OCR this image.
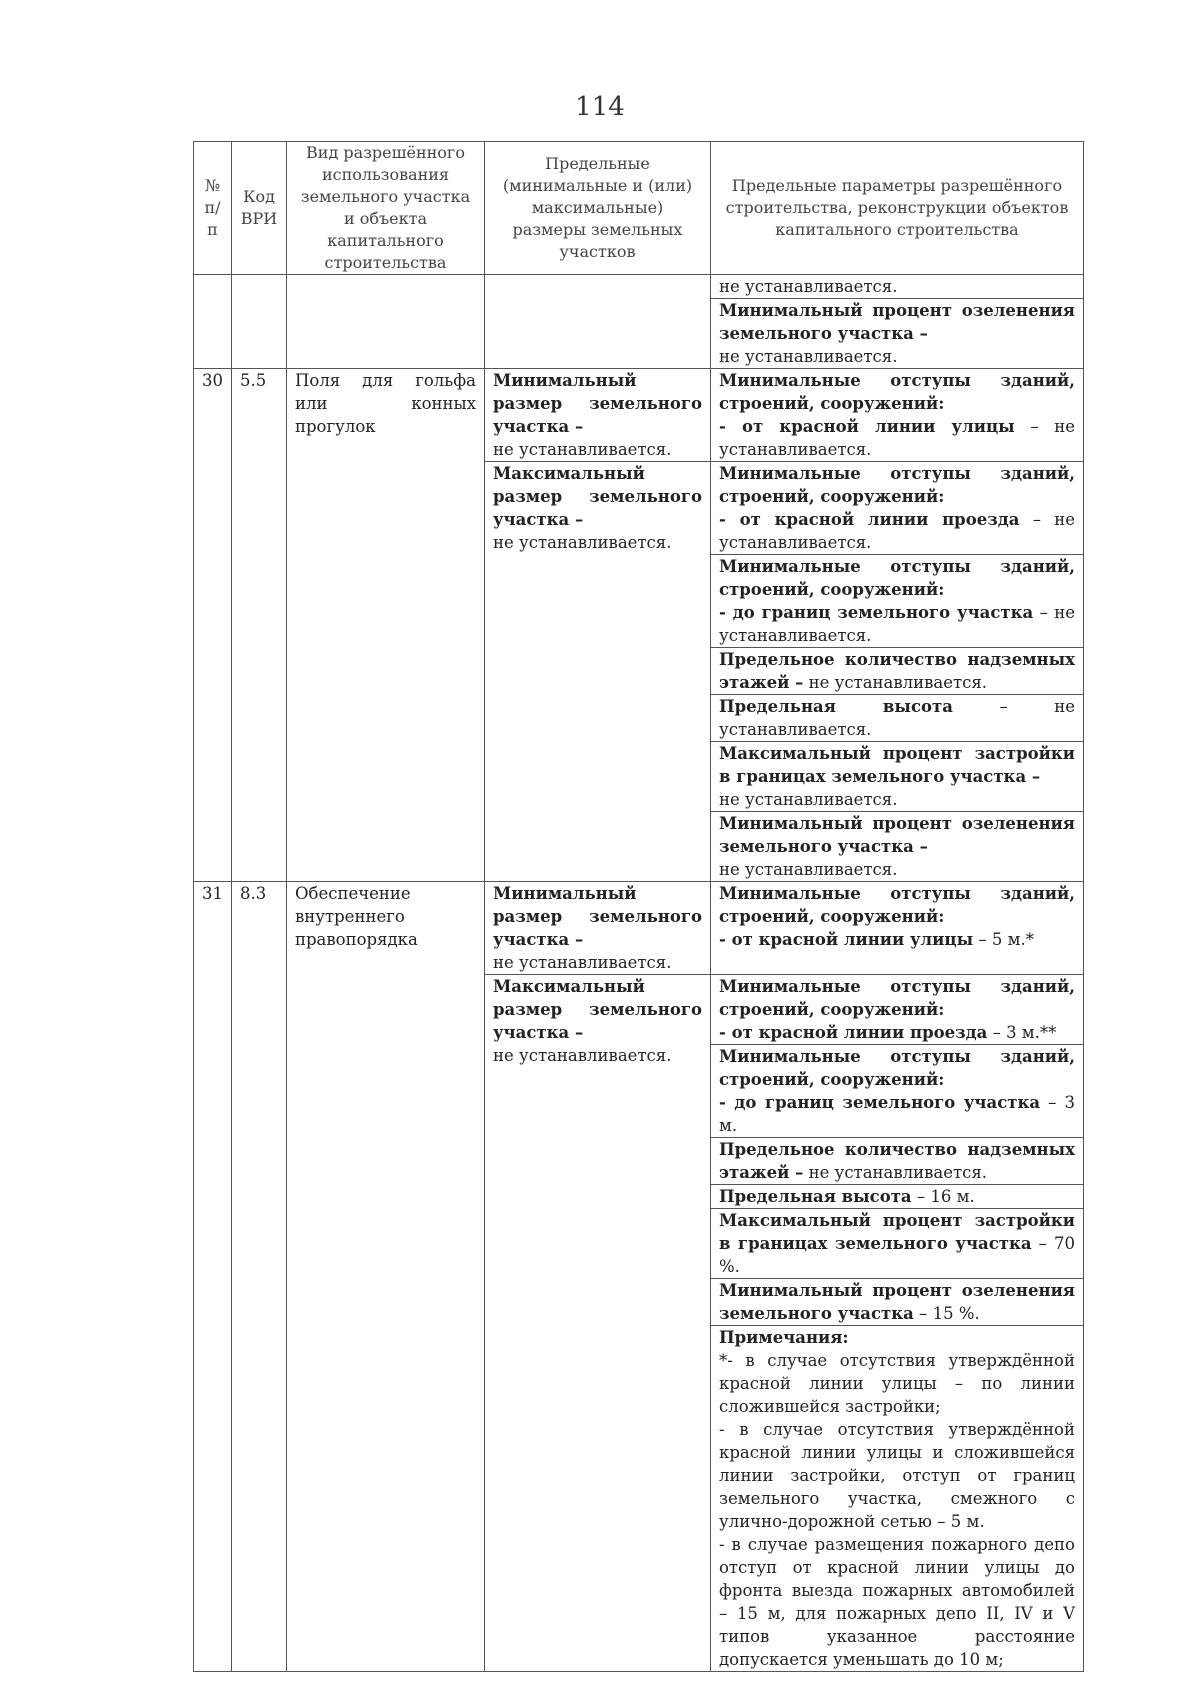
114
№ п/п	Код ВРИ	Вид разрешённого использования земельного участка и объекта капитального строительства	Предельные (минимальные и (или) максимальные) размеры земельных участков	Предельные параметры разрешённого строительства, реконструкции объектов капитального строительства
				не устанавливается.
				Минимальный процент озеленения земельного участка –
не устанавливается.
30	5.5	Поля для гольфа или конных прогулок	Минимальный размер земельного участка –
не устанавливается.	Минимальные отступы зданий, строений, сооружений:
- от красной линии улицы – не устанавливается.
			Максимальный размер земельного участка –
не устанавливается.	Минимальные отступы зданий, строений, сооружений:
- от красной линии проезда – не устанавливается.
				Минимальные отступы зданий, строений, сооружений:
- до границ земельного участка – не устанавливается.
				Предельное количество надземных этажей – не устанавливается.
				Предельная высота – не устанавливается.
				Максимальный процент застройки в границах земельного участка –
не устанавливается.
				Минимальный процент озеленения земельного участка –
не устанавливается.
31	8.3	Обеспечение внутреннего правопорядка	Минимальный размер земельного участка –
не устанавливается.	Минимальные отступы зданий, строений, сооружений:
- от красной линии улицы – 5 м.*
			Максимальный размер земельного участка –
не устанавливается.	Минимальные отступы зданий, строений, сооружений:
- от красной линии проезда – 3 м.**
				Минимальные отступы зданий, строений, сооружений:
- до границ земельного участка – 3 м.
				Предельное количество надземных этажей – не устанавливается.
				Предельная высота – 16 м.
				Максимальный процент застройки в границах земельного участка – 70 %.
				Минимальный процент озеленения земельного участка – 15 %.
				Примечания:
*- в случае отсутствия утверждённой красной линии улицы – по линии сложившейся застройки;
- в случае отсутствия утверждённой красной линии улицы и сложившейся линии застройки, отступ от границ земельного участка, смежного с улично-дорожной сетью – 5 м.
- в случае размещения пожарного депо отступ от красной линии улицы до фронта выезда пожарных автомобилей – 15 м, для пожарных депо II, IV и V типов указанное расстояние допускается уменьшать до 10 м;
